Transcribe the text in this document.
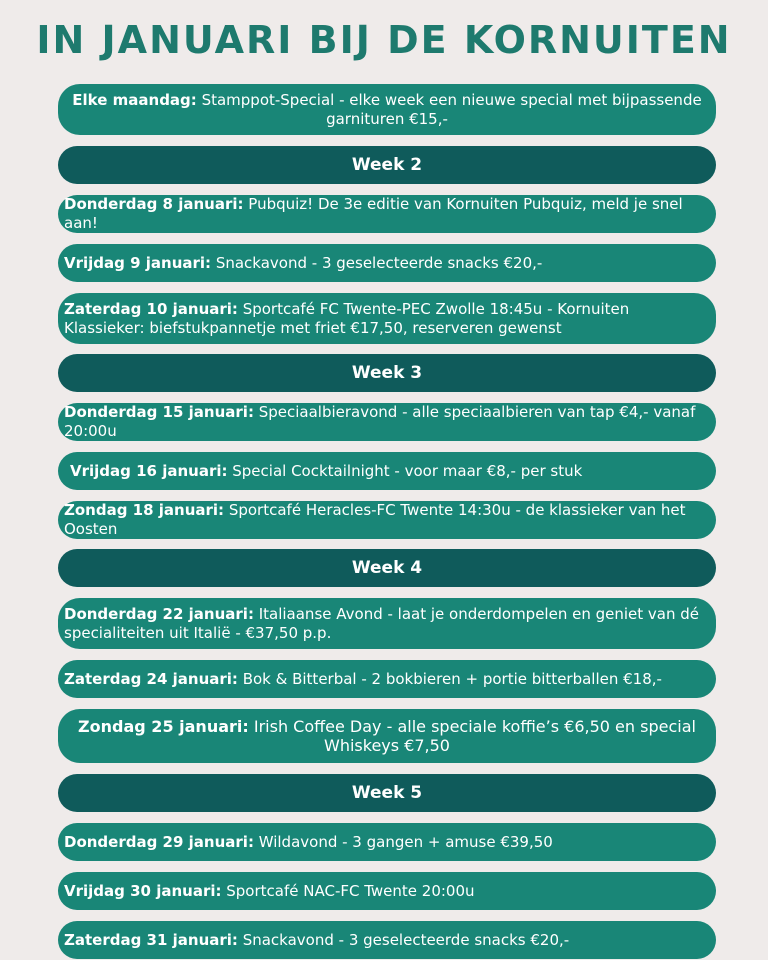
IN JANUARI BIJ DE KORNUITEN
Elke maandag: Stamppot-Special - elke week een nieuwe special met bijpassende garnituren €15,-
Week 2
Donderdag 8 januari: Pubquiz! De 3e editie van Kornuiten Pubquiz, meld je snel aan!
Vrijdag 9 januari: Snackavond - 3 geselecteerde snacks €20,-
Zaterdag 10 januari: Sportcafé FC Twente-PEC Zwolle 18:45u - Kornuiten Klassieker: biefstukpannetje met friet €17,50, reserveren gewenst
Week 3
Donderdag 15 januari: Speciaalbieravond - alle speciaalbieren van tap €4,- vanaf 20:00u
Vrijdag 16 januari: Special Cocktailnight - voor maar €8,- per stuk
Zondag 18 januari: Sportcafé Heracles-FC Twente 14:30u - de klassieker van het Oosten
Week 4
Donderdag 22 januari: Italiaanse Avond - laat je onderdompelen en geniet van dé specialiteiten uit Italië - €37,50 p.p.
Zaterdag 24 januari: Bok & Bitterbal - 2 bokbieren + portie bitterballen €18,-
Zondag 25 januari: Irish Coffee Day - alle speciale koffie’s €6,50 en special Whiskeys €7,50
Week 5
Donderdag 29 januari: Wildavond - 3 gangen + amuse €39,50
Vrijdag 30 januari: Sportcafé NAC-FC Twente 20:00u
Zaterdag 31 januari: Snackavond - 3 geselecteerde snacks €20,-
